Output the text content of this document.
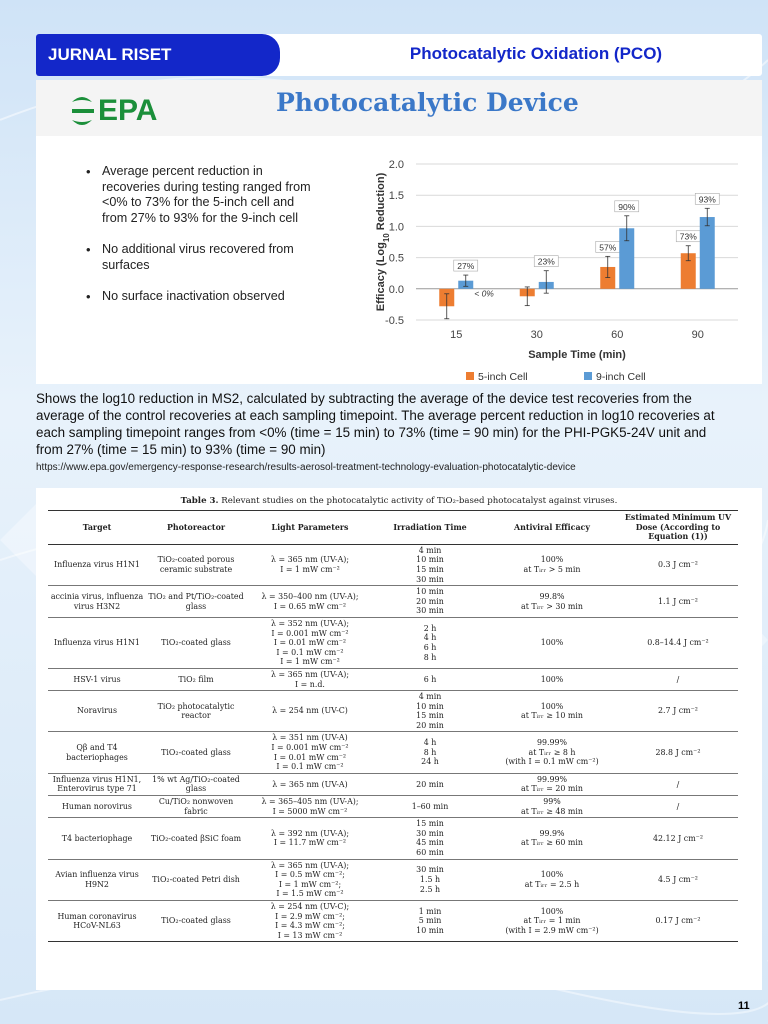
JURNAL RISET	Photocatalytic Oxidation (PCO)
EPA	Photocatalytic Device
• Average percent reduction in recoveries during testing ranged from <0% to 73% for the 5-inch cell and from 27% to 93% for the 9-inch cell
• No additional virus recovered from surfaces
• No surface inactivation observed
2.0
1.5
1.0
0.5
0.0
-0.5
Efficacy (Log$_{10}$ Reduction)
27%
15
23%
30
57%
90%
60
73%
93%
90
< 0%
Sample Time (min)
5-inch Cell	9-inch Cell
Shows the log10 reduction in MS2, calculated by subtracting the average of the device test recoveries from the average of the control recoveries at each sampling timepoint. The average percent reduction in log10 recoveries at each sampling timepoint ranges from <0% (time = 15 min) to 73% (time = 90 min) for the PHI-PGK5-24V unit and from 27% (time = 15 min) to 93% (time = 90 min)
https://www.epa.gov/emergency-response-research/results-aerosol-treatment-technology-evaluation-photocatalytic-device
Table 3. Relevant studies on the photocatalytic activity of TiO₂-based photocatalyst against viruses.
Target	Photoreactor	Light Parameters	Irradiation Time	Antiviral Efficacy	Estimated Minimum UV Dose (According to Equation (1))
Influenza virus H1N1	TiO₂-coated porous ceramic substrate	λ = 365 nm (UV-A);
I = 1 mW cm⁻²	4 min
10 min
15 min
30 min	100%
at Tᵢᵣᵣ > 5 min	0.3 J cm⁻²
accinia virus, influenza virus H3N2	TiO₂ and Pt/TiO₂-coated glass	λ = 350–400 nm (UV-A);
I = 0.65 mW cm⁻²	10 min
20 min
30 min	99.8%
at Tᵢᵣᵣ > 30 min	1.1 J cm⁻²
Influenza virus H1N1	TiO₂-coated glass	λ = 352 nm (UV-A);
I = 0.001 mW cm⁻²
I = 0.01 mW cm⁻²
I = 0.1 mW cm⁻²
I = 1 mW cm⁻²	2 h
4 h
6 h
8 h	100%	0.8–14.4 J cm⁻²
HSV-1 virus	TiO₂ film	λ = 365 nm (UV-A);
I = n.d.	6 h	100%	/
Noravirus	TiO₂ photocatalytic reactor	λ = 254 nm (UV-C)	4 min
10 min
15 min
20 min	100%
at Tᵢᵣᵣ ≥ 10 min	2.7 J cm⁻²
Qβ and T4 bacteriophages	TiO₂-coated glass	λ = 351 nm (UV-A)
I = 0.001 mW cm⁻²
I = 0.01 mW cm⁻²
I = 0.1 mW cm⁻²	4 h
8 h
24 h	99.99%
at Tᵢᵣᵣ ≥ 8 h
(with I = 0.1 mW cm⁻²)	28.8 J cm⁻²
Influenza virus H1N1, Enterovirus type 71	1% wt Ag/TiO₂-coated glass	λ = 365 nm (UV-A)	20 min	99.99%
at Tᵢᵣᵣ = 20 min	/
Human norovirus	Cu/TiO₂ nonwoven fabric	λ = 365–405 nm (UV-A);
I = 5000 mW cm⁻²	1–60 min	99%
at Tᵢᵣᵣ ≥ 48 min	/
T4 bacteriophage	TiO₂-coated βSiC foam	λ = 392 nm (UV-A);
I = 11.7 mW cm⁻²	15 min
30 min
45 min
60 min	99.9%
at Tᵢᵣᵣ ≥ 60 min	42.12 J cm⁻²
Avian influenza virus H9N2	TiO₂-coated Petri dish	λ = 365 nm (UV-A);
I = 0.5 mW cm⁻²;
I = 1 mW cm⁻²;
I = 1.5 mW cm⁻²	30 min
1.5 h
2.5 h	100%
at Tᵢᵣᵣ = 2.5 h	4.5 J cm⁻²
Human coronavirus HCoV-NL63	TiO₂-coated glass	λ = 254 nm (UV-C);
I = 2.9 mW cm⁻²;
I = 4.3 mW cm⁻²;
I = 13 mW cm⁻²	1 min
5 min
10 min	100%
at Tᵢᵣᵣ = 1 min
(with I = 2.9 mW cm⁻²)	0.17 J cm⁻²
11
